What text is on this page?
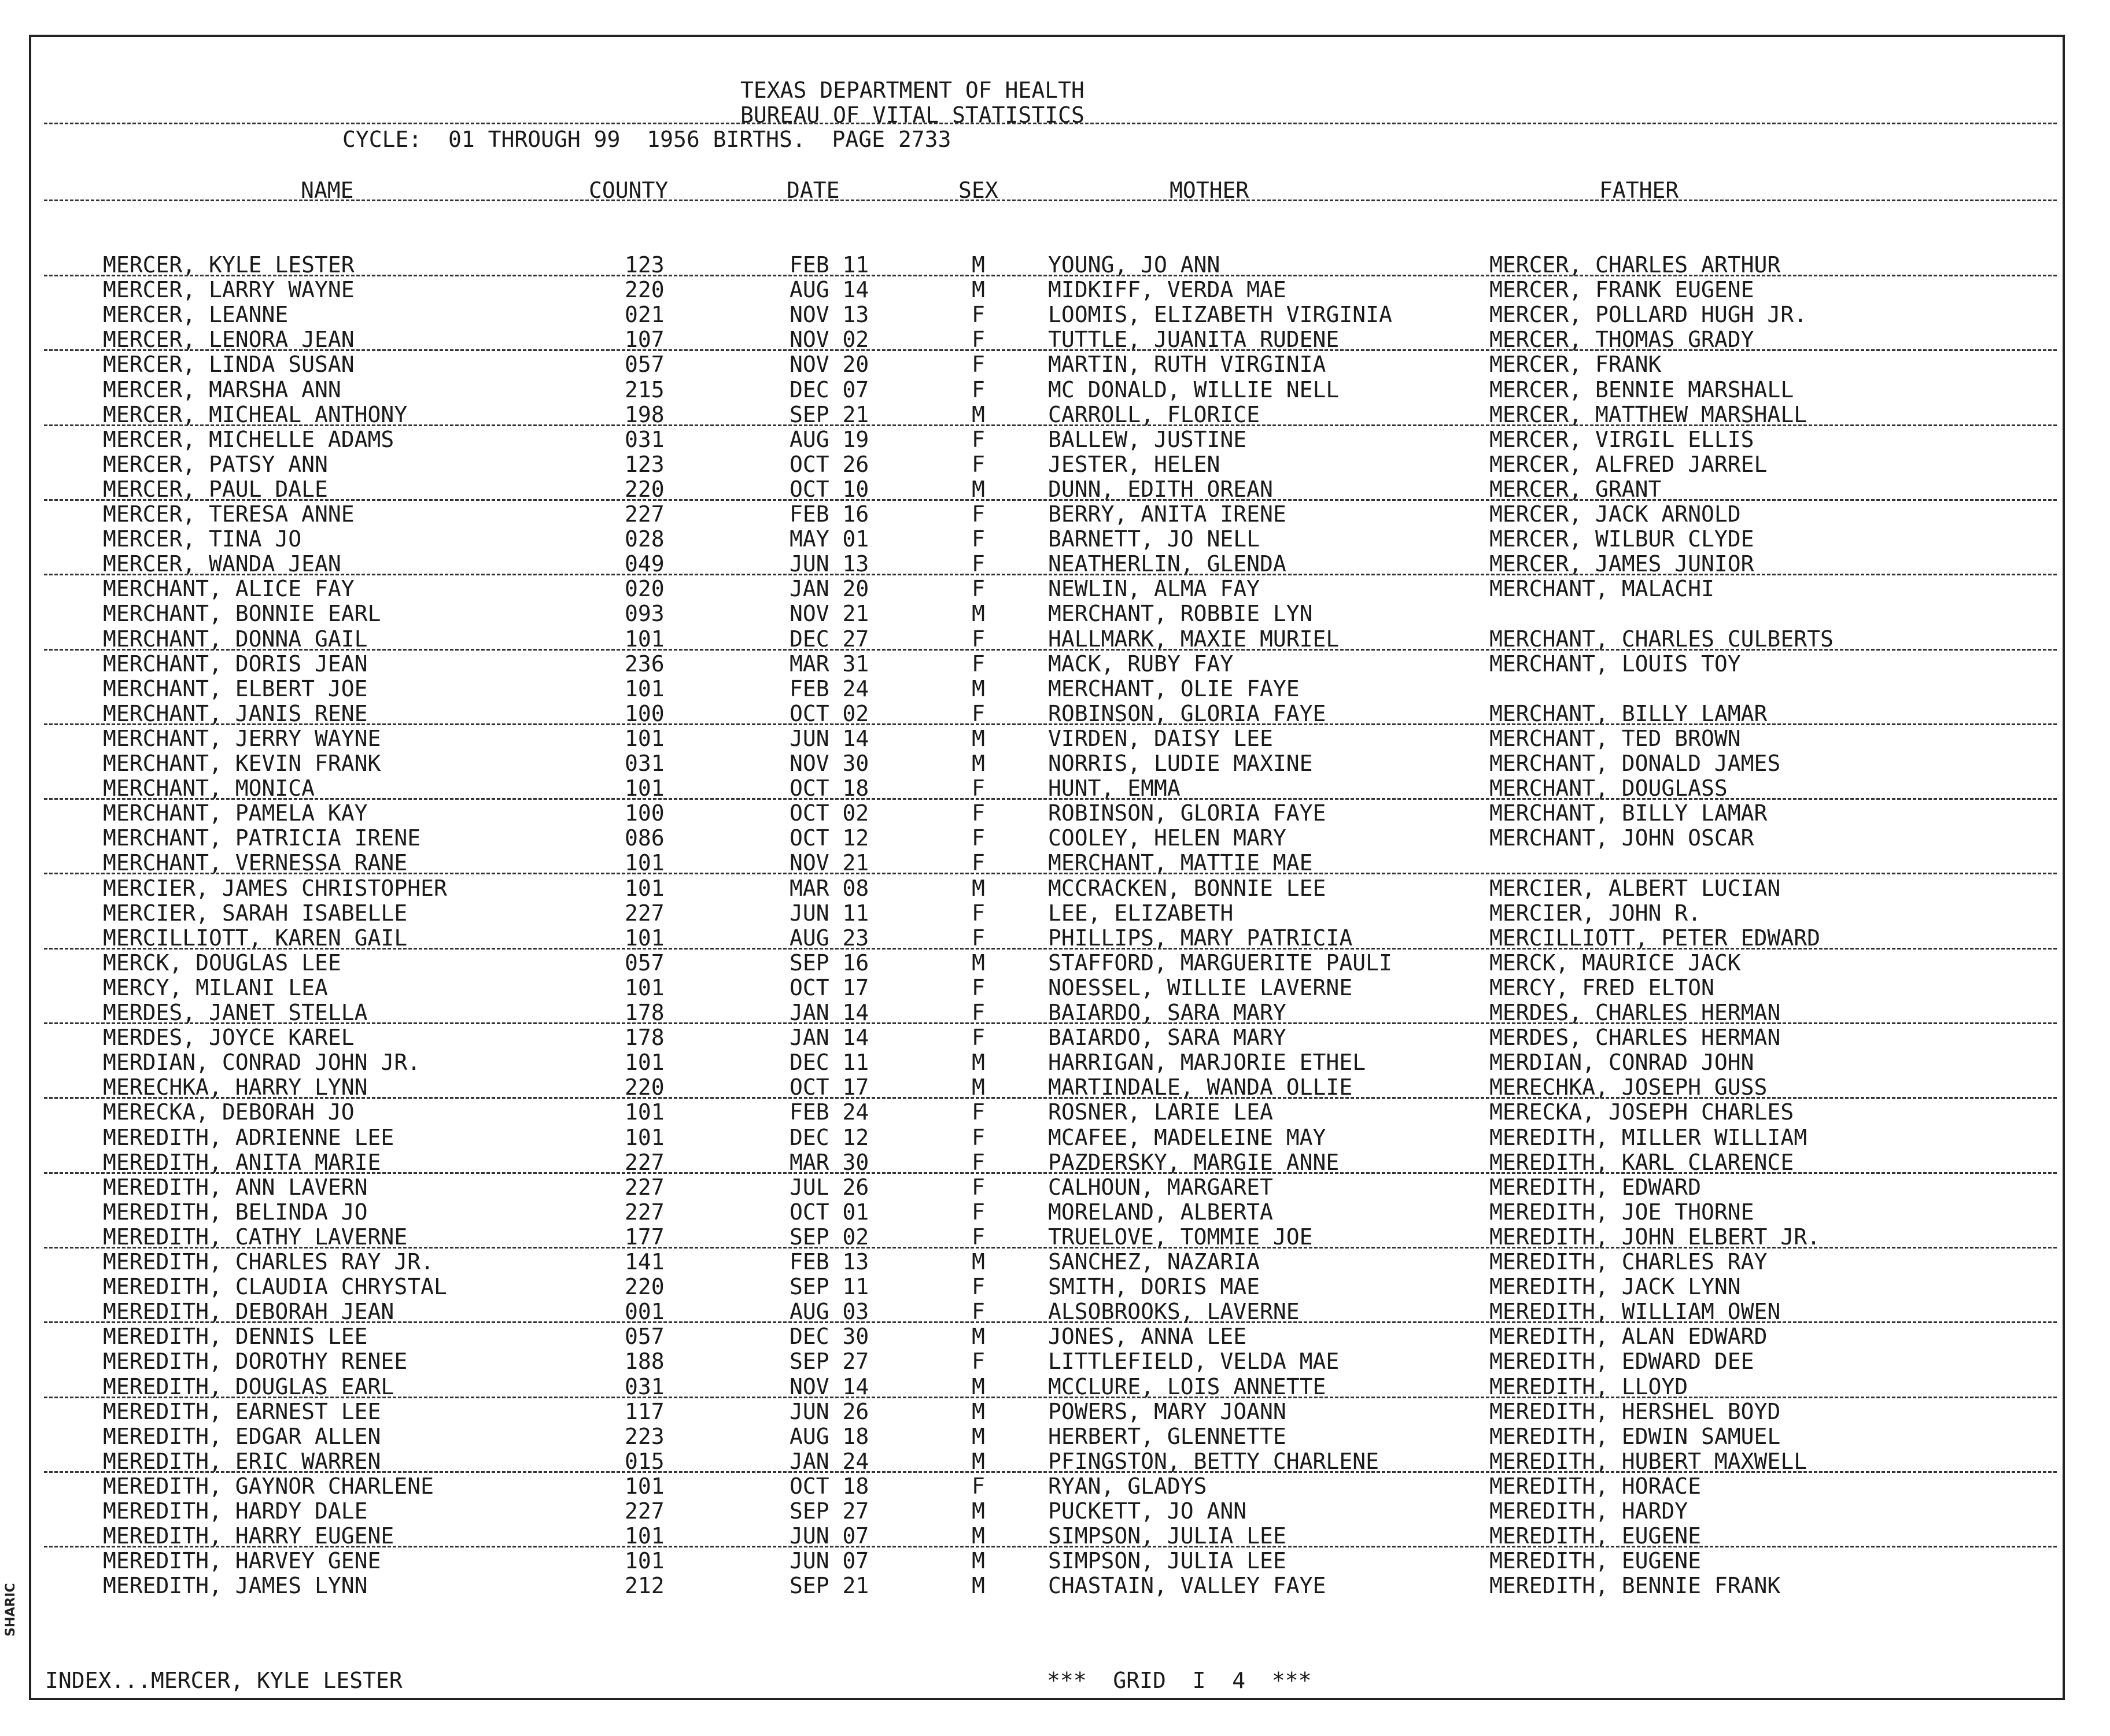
TEXAS DEPARTMENT OF HEALTH
BUREAU OF VITAL STATISTICS
CYCLE:  01 THROUGH 99  1956 BIRTHS.  PAGE 2733
NAME	COUNTY	DATE	SEX	MOTHER	FATHER
MERCER, KYLE LESTER	123	FEB 11	M	YOUNG, JO ANN	MERCER, CHARLES ARTHUR
MERCER, LARRY WAYNE	220	AUG 14	M	MIDKIFF, VERDA MAE	MERCER, FRANK EUGENE
MERCER, LEANNE	021	NOV 13	F	LOOMIS, ELIZABETH VIRGINIA	MERCER, POLLARD HUGH JR.
MERCER, LENORA JEAN	107	NOV 02	F	TUTTLE, JUANITA RUDENE	MERCER, THOMAS GRADY
MERCER, LINDA SUSAN	057	NOV 20	F	MARTIN, RUTH VIRGINIA	MERCER, FRANK
MERCER, MARSHA ANN	215	DEC 07	F	MC DONALD, WILLIE NELL	MERCER, BENNIE MARSHALL
MERCER, MICHEAL ANTHONY	198	SEP 21	M	CARROLL, FLORICE	MERCER, MATTHEW MARSHALL
MERCER, MICHELLE ADAMS	031	AUG 19	F	BALLEW, JUSTINE	MERCER, VIRGIL ELLIS
MERCER, PATSY ANN	123	OCT 26	F	JESTER, HELEN	MERCER, ALFRED JARREL
MERCER, PAUL DALE	220	OCT 10	M	DUNN, EDITH OREAN	MERCER, GRANT
MERCER, TERESA ANNE	227	FEB 16	F	BERRY, ANITA IRENE	MERCER, JACK ARNOLD
MERCER, TINA JO	028	MAY 01	F	BARNETT, JO NELL	MERCER, WILBUR CLYDE
MERCER, WANDA JEAN	049	JUN 13	F	NEATHERLIN, GLENDA	MERCER, JAMES JUNIOR
MERCHANT, ALICE FAY	020	JAN 20	F	NEWLIN, ALMA FAY	MERCHANT, MALACHI
MERCHANT, BONNIE EARL	093	NOV 21	M	MERCHANT, ROBBIE LYN
MERCHANT, DONNA GAIL	101	DEC 27	F	HALLMARK, MAXIE MURIEL	MERCHANT, CHARLES CULBERTS
MERCHANT, DORIS JEAN	236	MAR 31	F	MACK, RUBY FAY	MERCHANT, LOUIS TOY
MERCHANT, ELBERT JOE	101	FEB 24	M	MERCHANT, OLIE FAYE
MERCHANT, JANIS RENE	100	OCT 02	F	ROBINSON, GLORIA FAYE	MERCHANT, BILLY LAMAR
MERCHANT, JERRY WAYNE	101	JUN 14	M	VIRDEN, DAISY LEE	MERCHANT, TED BROWN
MERCHANT, KEVIN FRANK	031	NOV 30	M	NORRIS, LUDIE MAXINE	MERCHANT, DONALD JAMES
MERCHANT, MONICA	101	OCT 18	F	HUNT, EMMA	MERCHANT, DOUGLASS
MERCHANT, PAMELA KAY	100	OCT 02	F	ROBINSON, GLORIA FAYE	MERCHANT, BILLY LAMAR
MERCHANT, PATRICIA IRENE	086	OCT 12	F	COOLEY, HELEN MARY	MERCHANT, JOHN OSCAR
MERCHANT, VERNESSA RANE	101	NOV 21	F	MERCHANT, MATTIE MAE
MERCIER, JAMES CHRISTOPHER	101	MAR 08	M	MCCRACKEN, BONNIE LEE	MERCIER, ALBERT LUCIAN
MERCIER, SARAH ISABELLE	227	JUN 11	F	LEE, ELIZABETH	MERCIER, JOHN R.
MERCILLIOTT, KAREN GAIL	101	AUG 23	F	PHILLIPS, MARY PATRICIA	MERCILLIOTT, PETER EDWARD
MERCK, DOUGLAS LEE	057	SEP 16	M	STAFFORD, MARGUERITE PAULI	MERCK, MAURICE JACK
MERCY, MILANI LEA	101	OCT 17	F	NOESSEL, WILLIE LAVERNE	MERCY, FRED ELTON
MERDES, JANET STELLA	178	JAN 14	F	BAIARDO, SARA MARY	MERDES, CHARLES HERMAN
MERDES, JOYCE KAREL	178	JAN 14	F	BAIARDO, SARA MARY	MERDES, CHARLES HERMAN
MERDIAN, CONRAD JOHN JR.	101	DEC 11	M	HARRIGAN, MARJORIE ETHEL	MERDIAN, CONRAD JOHN
MERECHKA, HARRY LYNN	220	OCT 17	M	MARTINDALE, WANDA OLLIE	MERECHKA, JOSEPH GUSS
MERECKA, DEBORAH JO	101	FEB 24	F	ROSNER, LARIE LEA	MERECKA, JOSEPH CHARLES
MEREDITH, ADRIENNE LEE	101	DEC 12	F	MCAFEE, MADELEINE MAY	MEREDITH, MILLER WILLIAM
MEREDITH, ANITA MARIE	227	MAR 30	F	PAZDERSKY, MARGIE ANNE	MEREDITH, KARL CLARENCE
MEREDITH, ANN LAVERN	227	JUL 26	F	CALHOUN, MARGARET	MEREDITH, EDWARD
MEREDITH, BELINDA JO	227	OCT 01	F	MORELAND, ALBERTA	MEREDITH, JOE THORNE
MEREDITH, CATHY LAVERNE	177	SEP 02	F	TRUELOVE, TOMMIE JOE	MEREDITH, JOHN ELBERT JR.
MEREDITH, CHARLES RAY JR.	141	FEB 13	M	SANCHEZ, NAZARIA	MEREDITH, CHARLES RAY
MEREDITH, CLAUDIA CHRYSTAL	220	SEP 11	F	SMITH, DORIS MAE	MEREDITH, JACK LYNN
MEREDITH, DEBORAH JEAN	001	AUG 03	F	ALSOBROOKS, LAVERNE	MEREDITH, WILLIAM OWEN
MEREDITH, DENNIS LEE	057	DEC 30	M	JONES, ANNA LEE	MEREDITH, ALAN EDWARD
MEREDITH, DOROTHY RENEE	188	SEP 27	F	LITTLEFIELD, VELDA MAE	MEREDITH, EDWARD DEE
MEREDITH, DOUGLAS EARL	031	NOV 14	M	MCCLURE, LOIS ANNETTE	MEREDITH, LLOYD
MEREDITH, EARNEST LEE	117	JUN 26	M	POWERS, MARY JOANN	MEREDITH, HERSHEL BOYD
MEREDITH, EDGAR ALLEN	223	AUG 18	M	HERBERT, GLENNETTE	MEREDITH, EDWIN SAMUEL
MEREDITH, ERIC WARREN	015	JAN 24	M	PFINGSTON, BETTY CHARLENE	MEREDITH, HUBERT MAXWELL
MEREDITH, GAYNOR CHARLENE	101	OCT 18	F	RYAN, GLADYS	MEREDITH, HORACE
MEREDITH, HARDY DALE	227	SEP 27	M	PUCKETT, JO ANN	MEREDITH, HARDY
MEREDITH, HARRY EUGENE	101	JUN 07	M	SIMPSON, JULIA LEE	MEREDITH, EUGENE
MEREDITH, HARVEY GENE	101	JUN 07	M	SIMPSON, JULIA LEE	MEREDITH, EUGENE
MEREDITH, JAMES LYNN	212	SEP 21	M	CHASTAIN, VALLEY FAYE	MEREDITH, BENNIE FRANK
INDEX...MERCER, KYLE LESTER	***  GRID  I  4  ***
SHARIC
